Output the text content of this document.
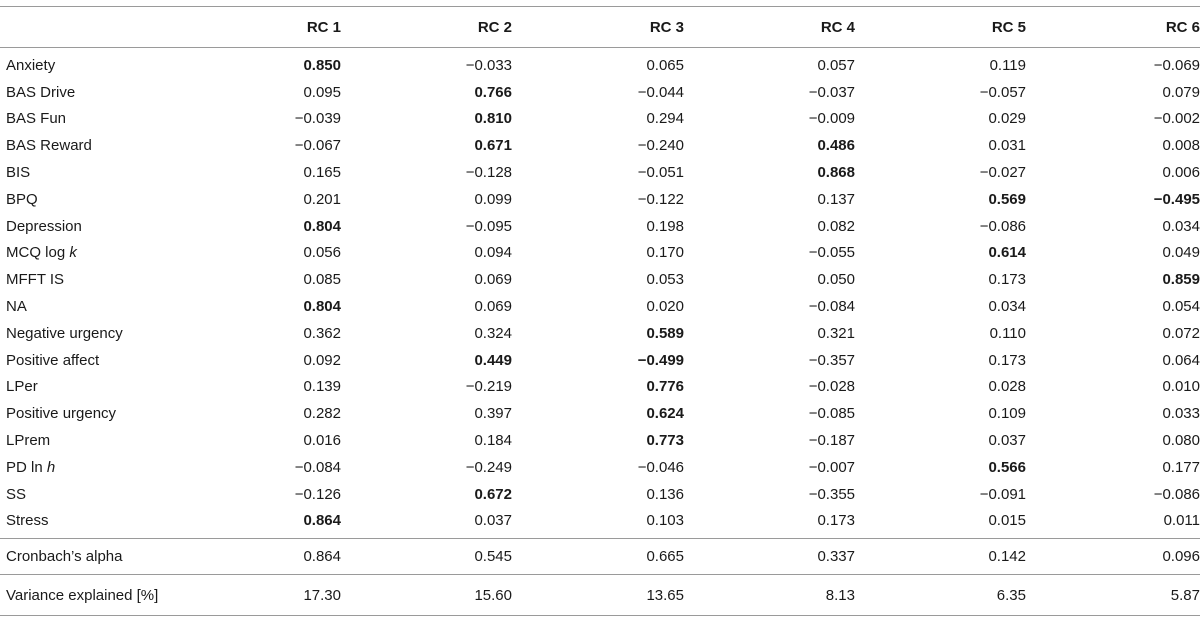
	RC 1	RC 2	RC 3	RC 4	RC 5	RC 6
Anxiety	0.850	−0.033	0.065	0.057	0.119	−0.069
BAS Drive	0.095	0.766	−0.044	−0.037	−0.057	0.079
BAS Fun	−0.039	0.810	0.294	−0.009	0.029	−0.002
BAS Reward	−0.067	0.671	−0.240	0.486	0.031	0.008
BIS	0.165	−0.128	−0.051	0.868	−0.027	0.006
BPQ	0.201	0.099	−0.122	0.137	0.569	−0.495
Depression	0.804	−0.095	0.198	0.082	−0.086	0.034
MCQ log k	0.056	0.094	0.170	−0.055	0.614	0.049
MFFT IS	0.085	0.069	0.053	0.050	0.173	0.859
NA	0.804	0.069	0.020	−0.084	0.034	0.054
Negative urgency	0.362	0.324	0.589	0.321	0.110	0.072
Positive affect	0.092	0.449	−0.499	−0.357	0.173	0.064
LPer	0.139	−0.219	0.776	−0.028	0.028	0.010
Positive urgency	0.282	0.397	0.624	−0.085	0.109	0.033
LPrem	0.016	0.184	0.773	−0.187	0.037	0.080
PD ln h	−0.084	−0.249	−0.046	−0.007	0.566	0.177
SS	−0.126	0.672	0.136	−0.355	−0.091	−0.086
Stress	0.864	0.037	0.103	0.173	0.015	0.011
Cronbach’s alpha	0.864	0.545	0.665	0.337	0.142	0.096
Variance explained [%]	17.30	15.60	13.65	8.13	6.35	5.87
